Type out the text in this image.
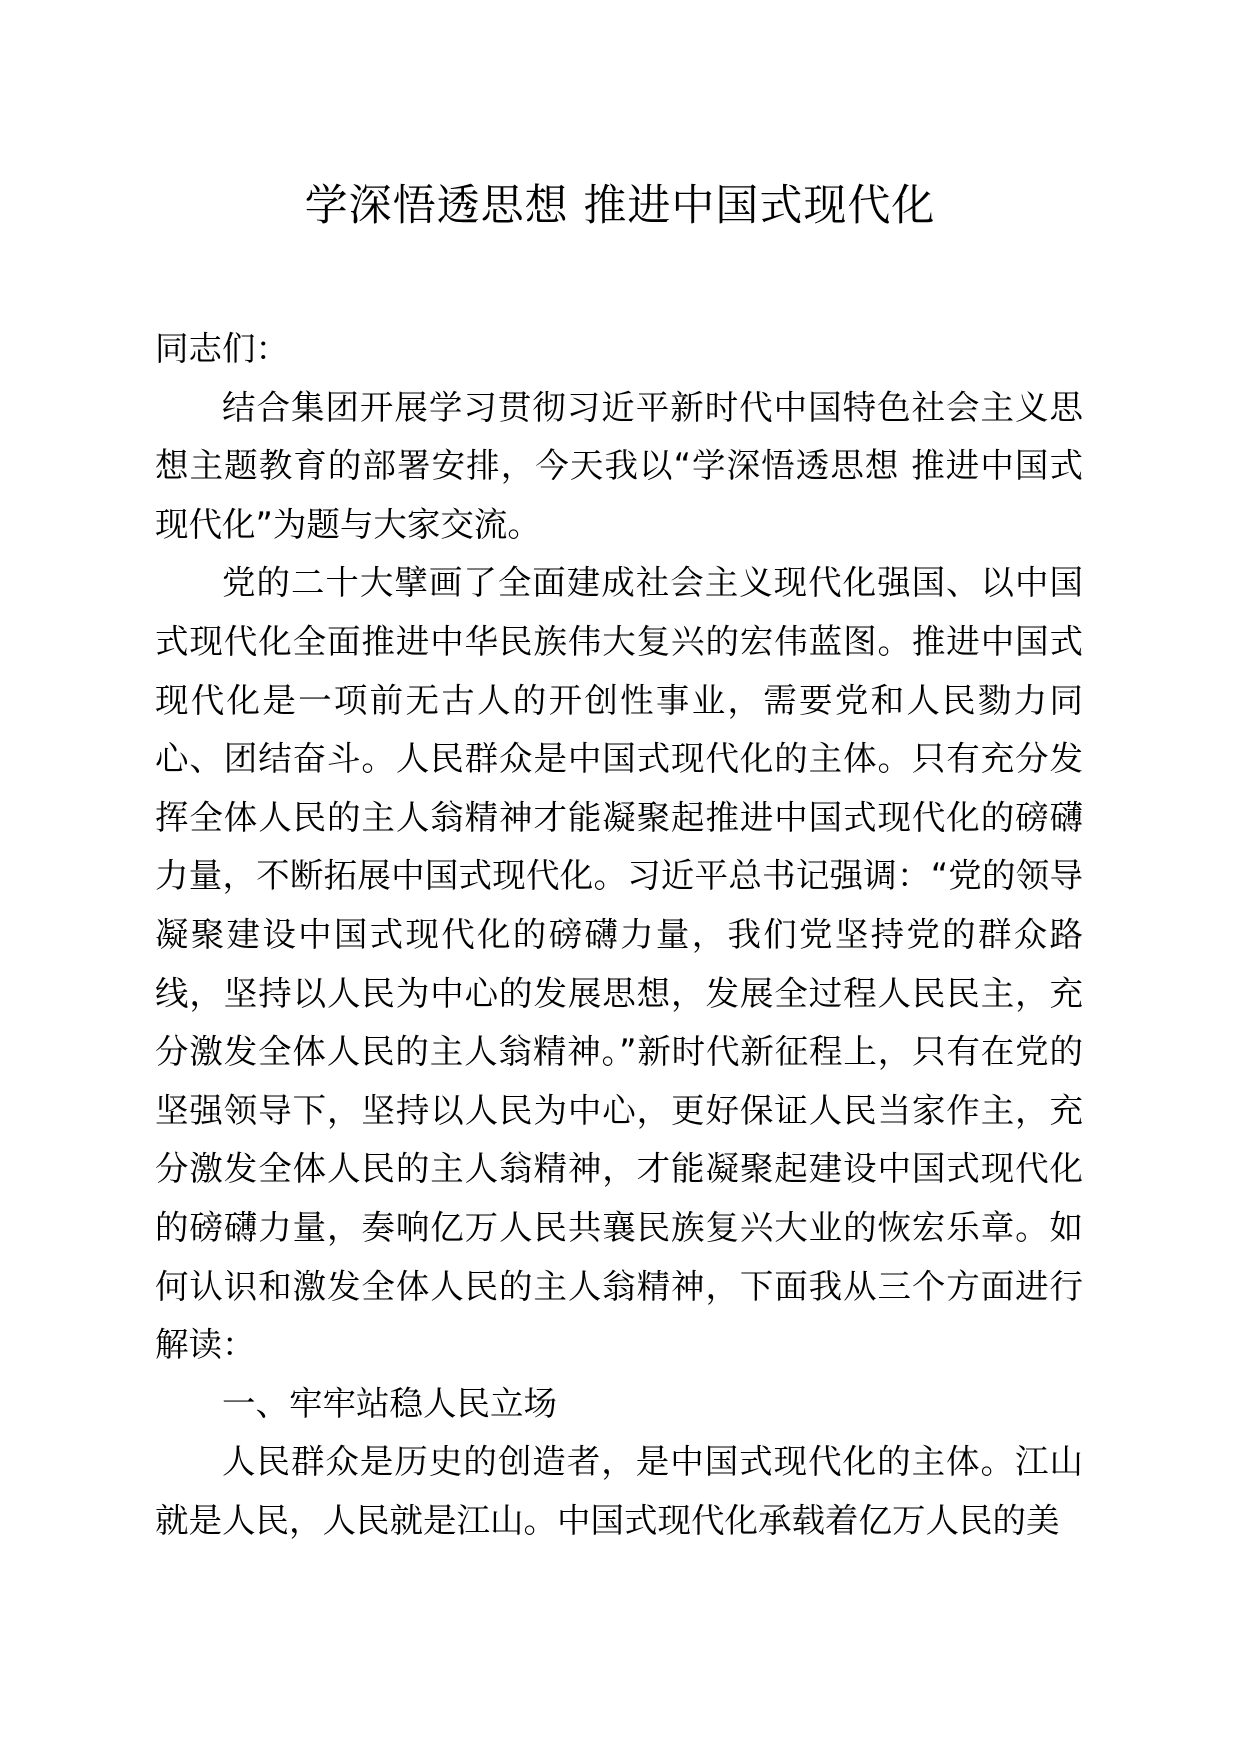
学深悟透思想 推进中国式现代化

同志们：

结合集团开展学习贯彻习近平新时代中国特色社会主义思想主题教育的部署安排，今天我以“学深悟透思想 推进中国式现代化”为题与大家交流。

党的二十大擘画了全面建成社会主义现代化强国、以中国式现代化全面推进中华民族伟大复兴的宏伟蓝图。推进中国式现代化是一项前无古人的开创性事业，需要党和人民勠力同心、团结奋斗。人民群众是中国式现代化的主体。只有充分发挥全体人民的主人翁精神才能凝聚起推进中国式现代化的磅礴力量，不断拓展中国式现代化。习近平总书记强调：“党的领导凝聚建设中国式现代化的磅礴力量，我们党坚持党的群众路线，坚持以人民为中心的发展思想，发展全过程人民民主，充分激发全体人民的主人翁精神。”新时代新征程上，只有在党的坚强领导下，坚持以人民为中心，更好保证人民当家作主，充分激发全体人民的主人翁精神，才能凝聚起建设中国式现代化的磅礴力量，奏响亿万人民共襄民族复兴大业的恢宏乐章。如何认识和激发全体人民的主人翁精神，下面我从三个方面进行解读：

一、牢牢站稳人民立场

人民群众是历史的创造者，是中国式现代化的主体。江山就是人民，人民就是江山。中国式现代化承载着亿万人民的美
